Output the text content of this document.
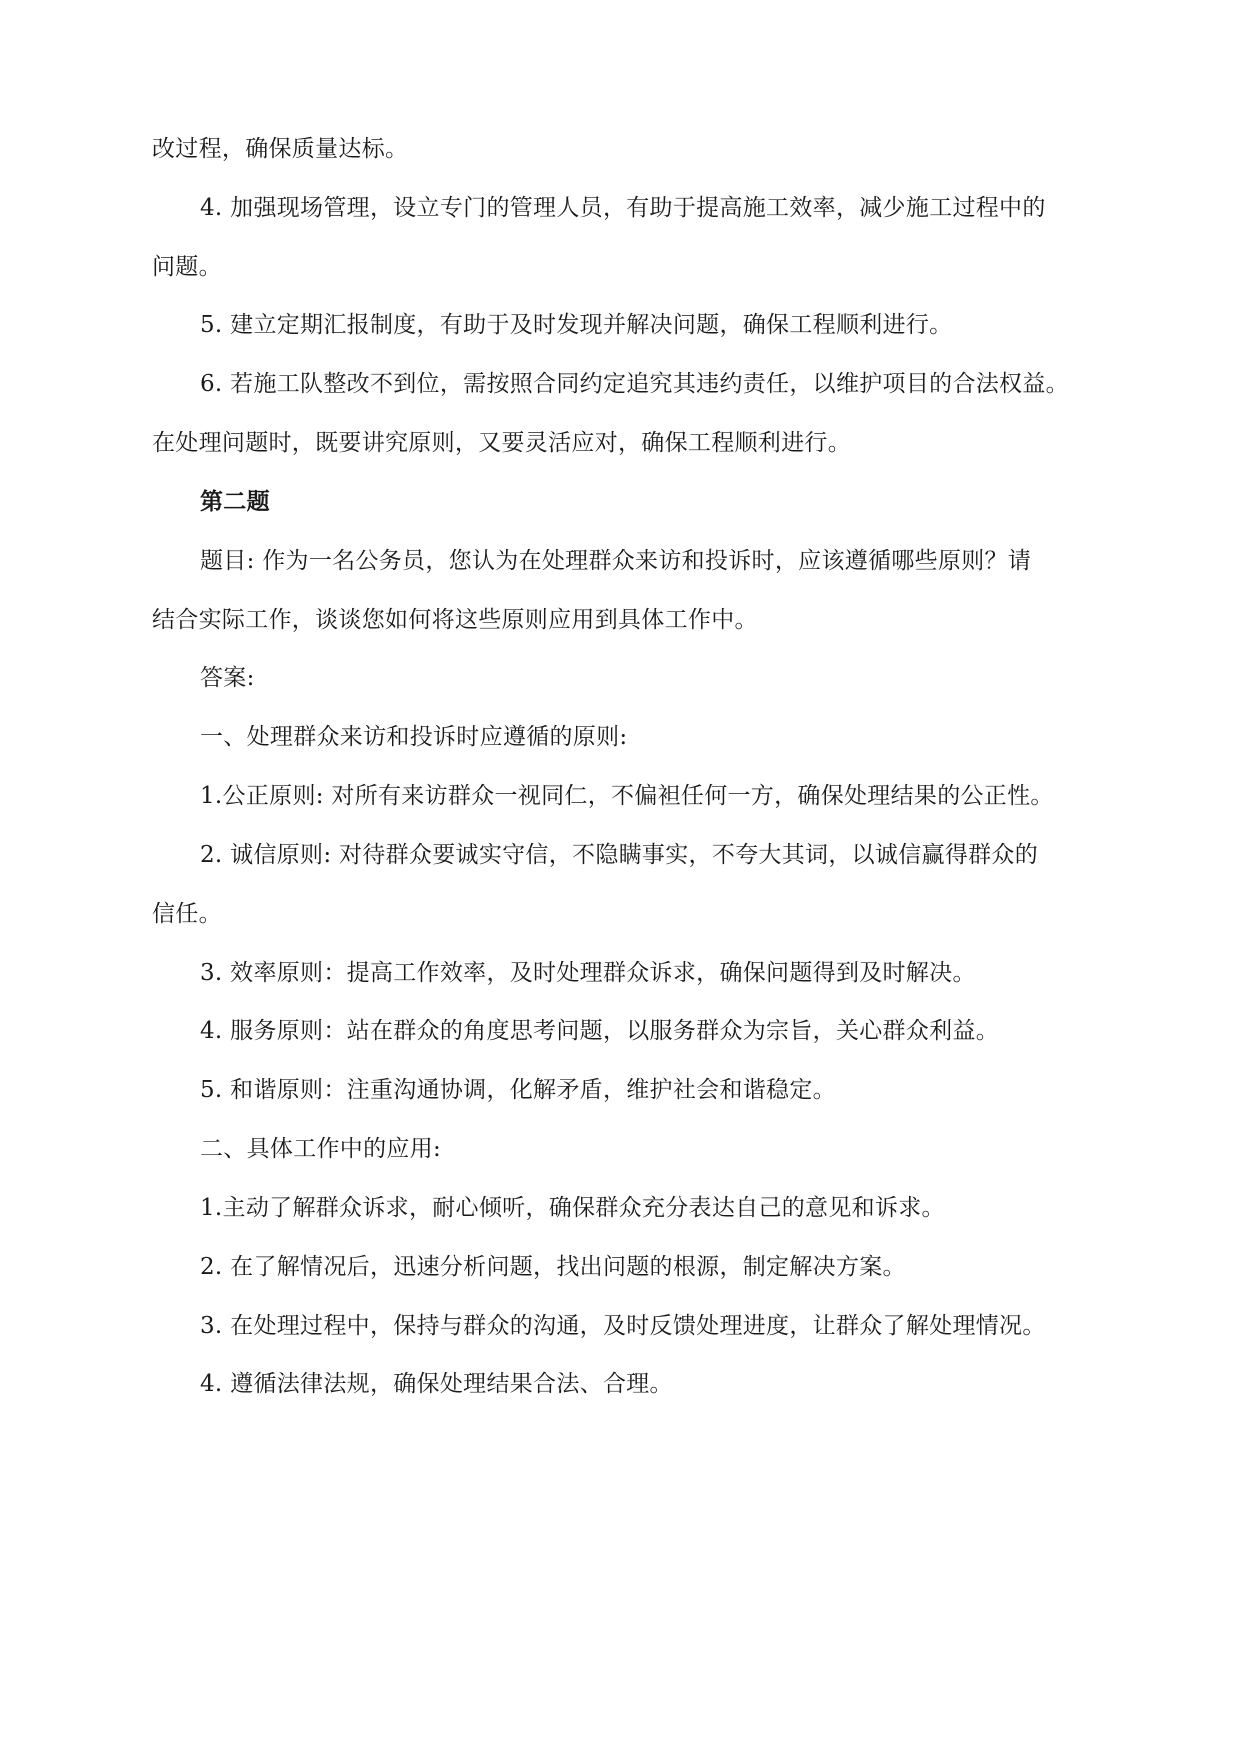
改过程，确保质量达标。
4. 加强现场管理，设立专门的管理人员，有助于提高施工效率，减少施工过程中的
问题。
5. 建立定期汇报制度，有助于及时发现并解决问题，确保工程顺利进行。
6. 若施工队整改不到位，需按照合同约定追究其违约责任，以维护项目的合法权益。
在处理问题时，既要讲究原则，又要灵活应对，确保工程顺利进行。
第二题
题目: 作为一名公务员，您认为在处理群众来访和投诉时，应该遵循哪些原则？请
结合实际工作，谈谈您如何将这些原则应用到具体工作中。
答案:
一、处理群众来访和投诉时应遵循的原则:
1.公正原则: 对所有来访群众一视同仁，不偏袒任何一方，确保处理结果的公正性。
2. 诚信原则: 对待群众要诚实守信，不隐瞒事实，不夸大其词，以诚信赢得群众的
信任。
3. 效率原则：提高工作效率，及时处理群众诉求，确保问题得到及时解决。
4. 服务原则：站在群众的角度思考问题，以服务群众为宗旨，关心群众利益。
5. 和谐原则：注重沟通协调，化解矛盾，维护社会和谐稳定。
二、具体工作中的应用:
1.主动了解群众诉求，耐心倾听，确保群众充分表达自己的意见和诉求。
2. 在了解情况后，迅速分析问题，找出问题的根源，制定解决方案。
3. 在处理过程中，保持与群众的沟通，及时反馈处理进度，让群众了解处理情况。
4. 遵循法律法规，确保处理结果合法、合理。
